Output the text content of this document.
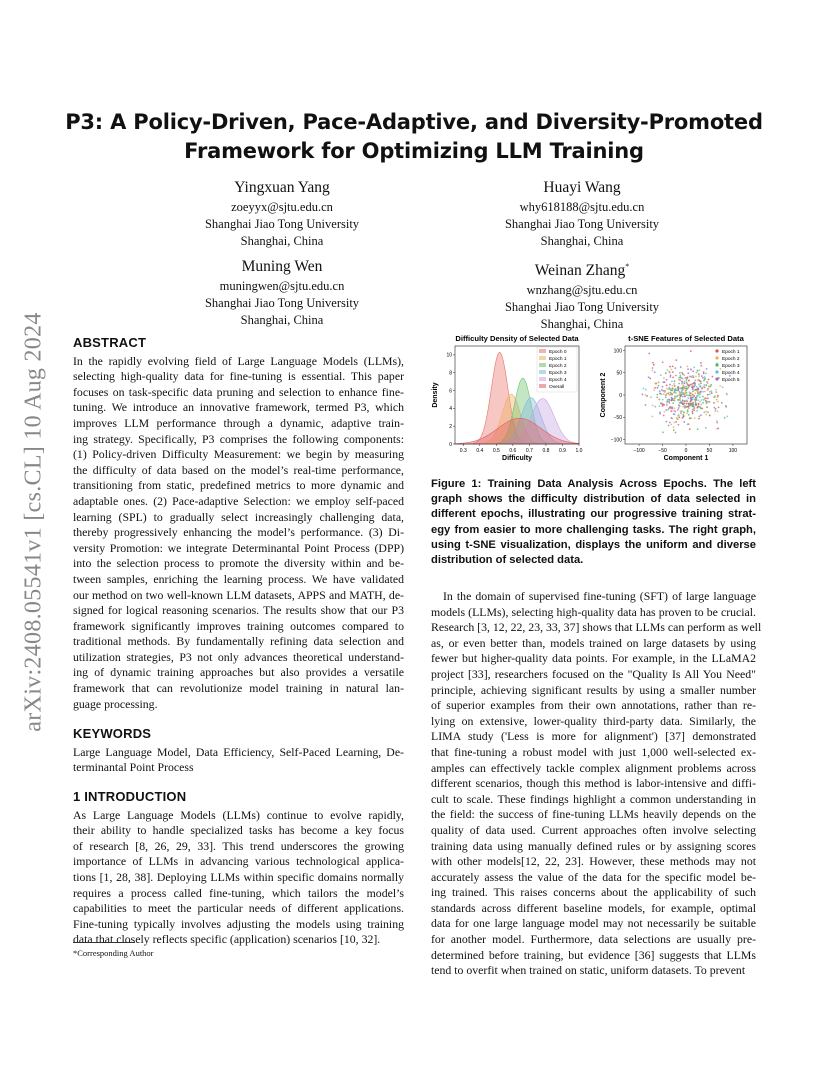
arXiv:2408.05541v1 [cs.CL] 10 Aug 2024
P3: A Policy-Driven, Pace-Adaptive, and Diversity-Promoted
Framework for Optimizing LLM Training
Yingxuan Yang
zoeyyx@sjtu.edu.cn
Shanghai Jiao Tong University
Shanghai, China
Huayi Wang
why618188@sjtu.edu.cn
Shanghai Jiao Tong University
Shanghai, China
Muning Wen
muningwen@sjtu.edu.cn
Shanghai Jiao Tong University
Shanghai, China
Weinan Zhang*
wnzhang@sjtu.edu.cn
Shanghai Jiao Tong University
Shanghai, China
ABSTRACT
In the rapidly evolving field of Large Language Models (LLMs),
selecting high-quality data for fine-tuning is essential. This paper
focuses on task-specific data pruning and selection to enhance fine-
tuning. We introduce an innovative framework, termed P3, which
improves LLM performance through a dynamic, adaptive train-
ing strategy. Specifically, P3 comprises the following components:
(1) Policy-driven Difficulty Measurement: we begin by measuring
the difficulty of data based on the model’s real-time performance,
transitioning from static, predefined metrics to more dynamic and
adaptable ones. (2) Pace-adaptive Selection: we employ self-paced
learning (SPL) to gradually select increasingly challenging data,
thereby progressively enhancing the model’s performance. (3) Di-
versity Promotion: we integrate Determinantal Point Process (DPP)
into the selection process to promote the diversity within and be-
tween samples, enriching the learning process. We have validated
our method on two well-known LLM datasets, APPS and MATH, de-
signed for logical reasoning scenarios. The results show that our P3
framework significantly improves training outcomes compared to
traditional methods. By fundamentally refining data selection and
utilization strategies, P3 not only advances theoretical understand-
ing of dynamic training approaches but also provides a versatile
framework that can revolutionize model training in natural lan-
guage processing.
KEYWORDS
Large Language Model, Data Efficiency, Self-Paced Learning, De-
terminantal Point Process
1 INTRODUCTION
As Large Language Models (LLMs) continue to evolve rapidly,
their ability to handle specialized tasks has become a key focus
of research [8, 26, 29, 33]. This trend underscores the growing
importance of LLMs in advancing various technological applica-
tions [1, 28, 38]. Deploying LLMs within specific domains normally
requires a process called fine-tuning, which tailors the model’s
capabilities to meet the particular needs of different applications.
Fine-tuning typically involves adjusting the models using training
data that closely reflects specific (application) scenarios [10, 32].
*Corresponding Author
Difficulty Density of Selected Data
0.3 0.4 0.5 0.6 0.7 0.8 0.9 1.0
0
2
4
6
8
10
Difficulty
Density
Epoch 0
Epoch 1
Epoch 2
Epoch 3
Epoch 4
Overall
t-SNE Features of Selected Data
−100	−50	0	50	100
100
50
0
−50
−100
Component 1
Component 2
Epoch 1
Epoch 2
Epoch 3
Epoch 4
Epoch 5
Figure 1: Training Data Analysis Across Epochs. The left
graph shows the difficulty distribution of data selected in
different epochs, illustrating our progressive training strat-
egy from easier to more challenging tasks. The right graph,
using t-SNE visualization, displays the uniform and diverse
distribution of selected data.
In the domain of supervised fine-tuning (SFT) of large language
models (LLMs), selecting high-quality data has proven to be crucial.
Research [3, 12, 22, 23, 33, 37] shows that LLMs can perform as well
as, or even better than, models trained on large datasets by using
fewer but higher-quality data points. For example, in the LLaMA2
project [33], researchers focused on the "Quality Is All You Need"
principle, achieving significant results by using a smaller number
of superior examples from their own annotations, rather than re-
lying on extensive, lower-quality third-party data. Similarly, the
LIMA study ('Less is more for alignment') [37] demonstrated
that fine-tuning a robust model with just 1,000 well-selected ex-
amples can effectively tackle complex alignment problems across
different scenarios, though this method is labor-intensive and diffi-
cult to scale. These findings highlight a common understanding in
the field: the success of fine-tuning LLMs heavily depends on the
quality of data used. Current approaches often involve selecting
training data using manually defined rules or by assigning scores
with other models[12, 22, 23]. However, these methods may not
accurately assess the value of the data for the specific model be-
ing trained. This raises concerns about the applicability of such
standards across different baseline models, for example, optimal
data for one large language model may not necessarily be suitable
for another model. Furthermore, data selections are usually pre-
determined before training, but evidence [36] suggests that LLMs
tend to overfit when trained on static, uniform datasets. To prevent
